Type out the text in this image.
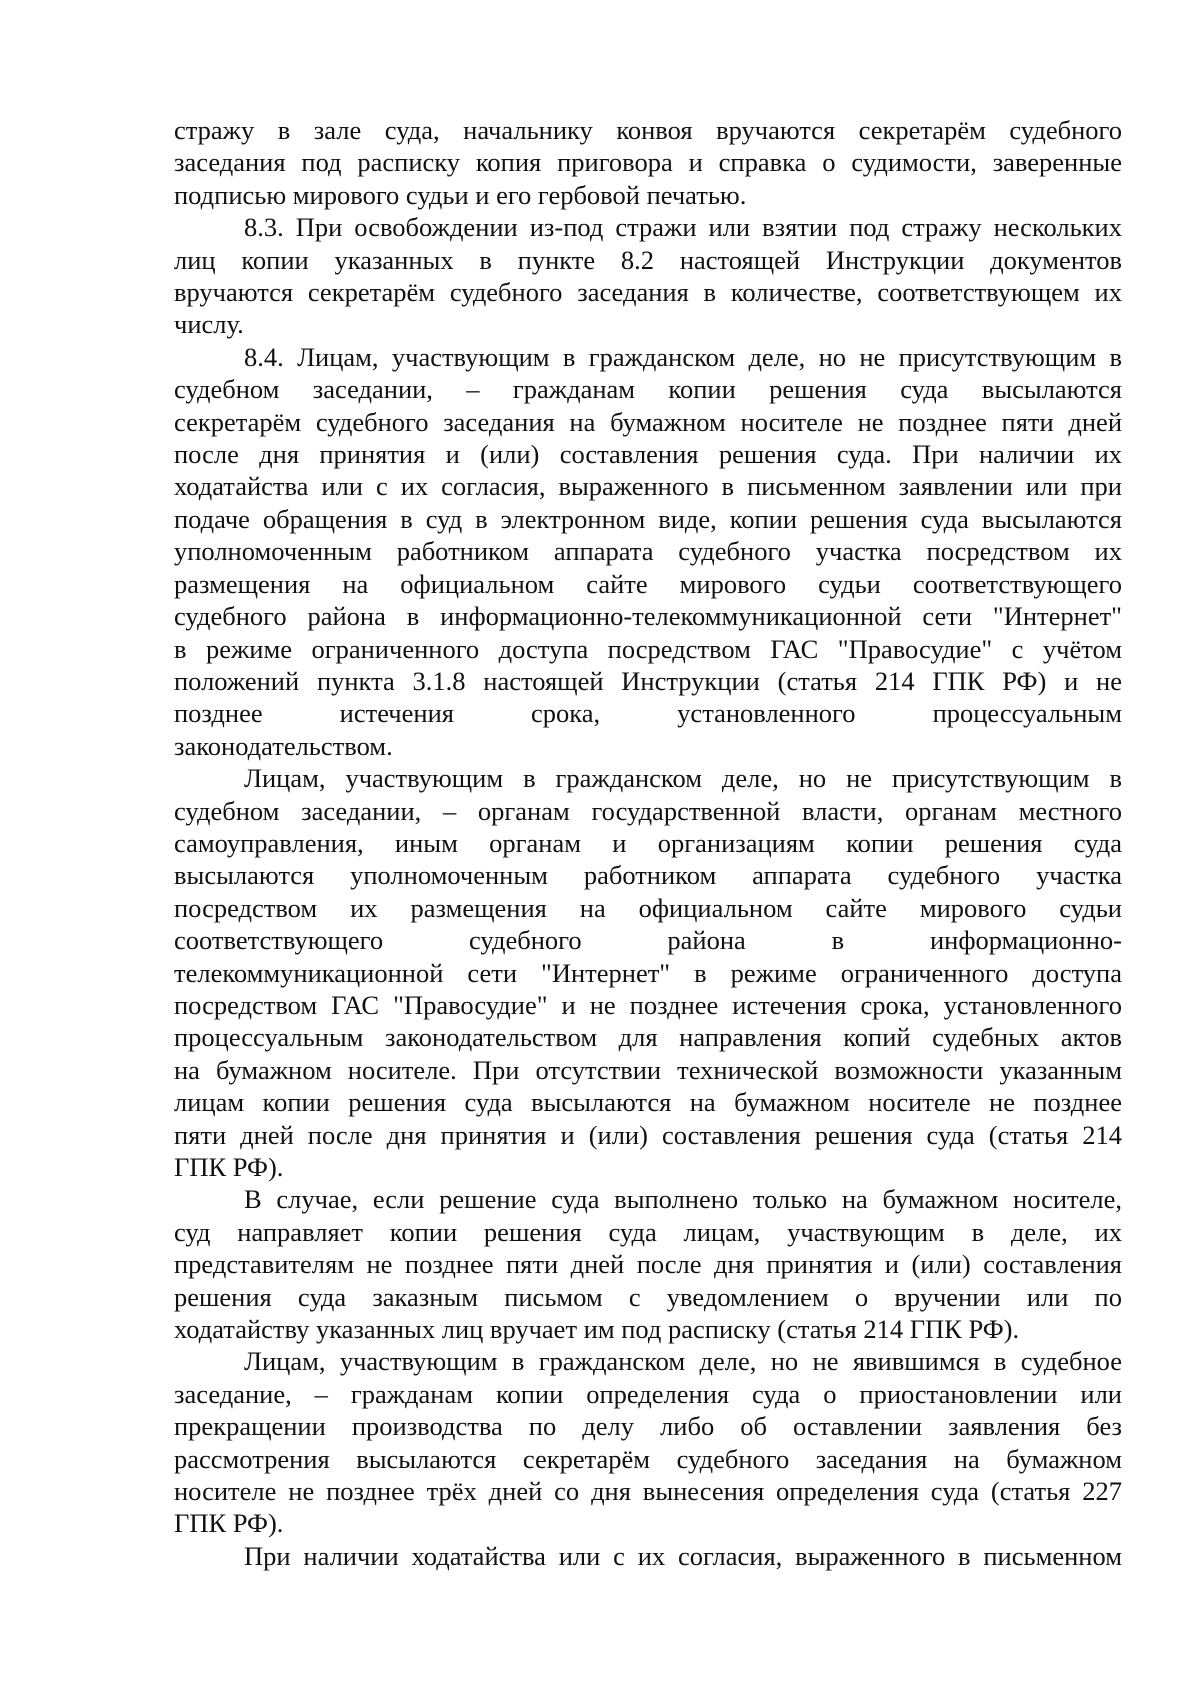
стражу в зале суда, начальнику конвоя вручаются секретарём судебного
заседания под расписку копия приговора и справка о судимости, заверенные
подписью мирового судьи и его гербовой печатью.
8.3. При освобождении из-под стражи или взятии под стражу нескольких
лиц копии указанных в пункте 8.2 настоящей Инструкции документов
вручаются секретарём судебного заседания в количестве, соответствующем их
числу.
8.4. Лицам, участвующим в гражданском деле, но не присутствующим в
судебном заседании, – гражданам копии решения суда высылаются
секретарём судебного заседания на бумажном носителе не позднее пяти дней
после дня принятия и (или) составления решения суда. При наличии их
ходатайства или с их согласия, выраженного в письменном заявлении или при
подаче обращения в суд в электронном виде, копии решения суда высылаются
уполномоченным работником аппарата судебного участка посредством их
размещения на официальном сайте мирового судьи соответствующего
судебного района в информационно-телекоммуникационной сети "Интернет"
в режиме ограниченного доступа посредством ГАС "Правосудие" с учётом
положений пункта 3.1.8 настоящей Инструкции (статья 214 ГПК РФ) и не
позднее истечения срока, установленного процессуальным
законодательством.
Лицам, участвующим в гражданском деле, но не присутствующим в
судебном заседании, – органам государственной власти, органам местного
самоуправления, иным органам и организациям копии решения суда
высылаются уполномоченным работником аппарата судебного участка
посредством их размещения на официальном сайте мирового судьи
соответствующего судебного района в информационно-
телекоммуникационной сети "Интернет" в режиме ограниченного доступа
посредством ГАС "Правосудие" и не позднее истечения срока, установленного
процессуальным законодательством для направления копий судебных актов
на бумажном носителе. При отсутствии технической возможности указанным
лицам копии решения суда высылаются на бумажном носителе не позднее
пяти дней после дня принятия и (или) составления решения суда (статья 214
ГПК РФ).
В случае, если решение суда выполнено только на бумажном носителе,
суд направляет копии решения суда лицам, участвующим в деле, их
представителям не позднее пяти дней после дня принятия и (или) составления
решения суда заказным письмом с уведомлением о вручении или по
ходатайству указанных лиц вручает им под расписку (статья 214 ГПК РФ).
Лицам, участвующим в гражданском деле, но не явившимся в судебное
заседание, – гражданам копии определения суда о приостановлении или
прекращении производства по делу либо об оставлении заявления без
рассмотрения высылаются секретарём судебного заседания на бумажном
носителе не позднее трёх дней со дня вынесения определения суда (статья 227
ГПК РФ).
При наличии ходатайства или с их согласия, выраженного в письменном
